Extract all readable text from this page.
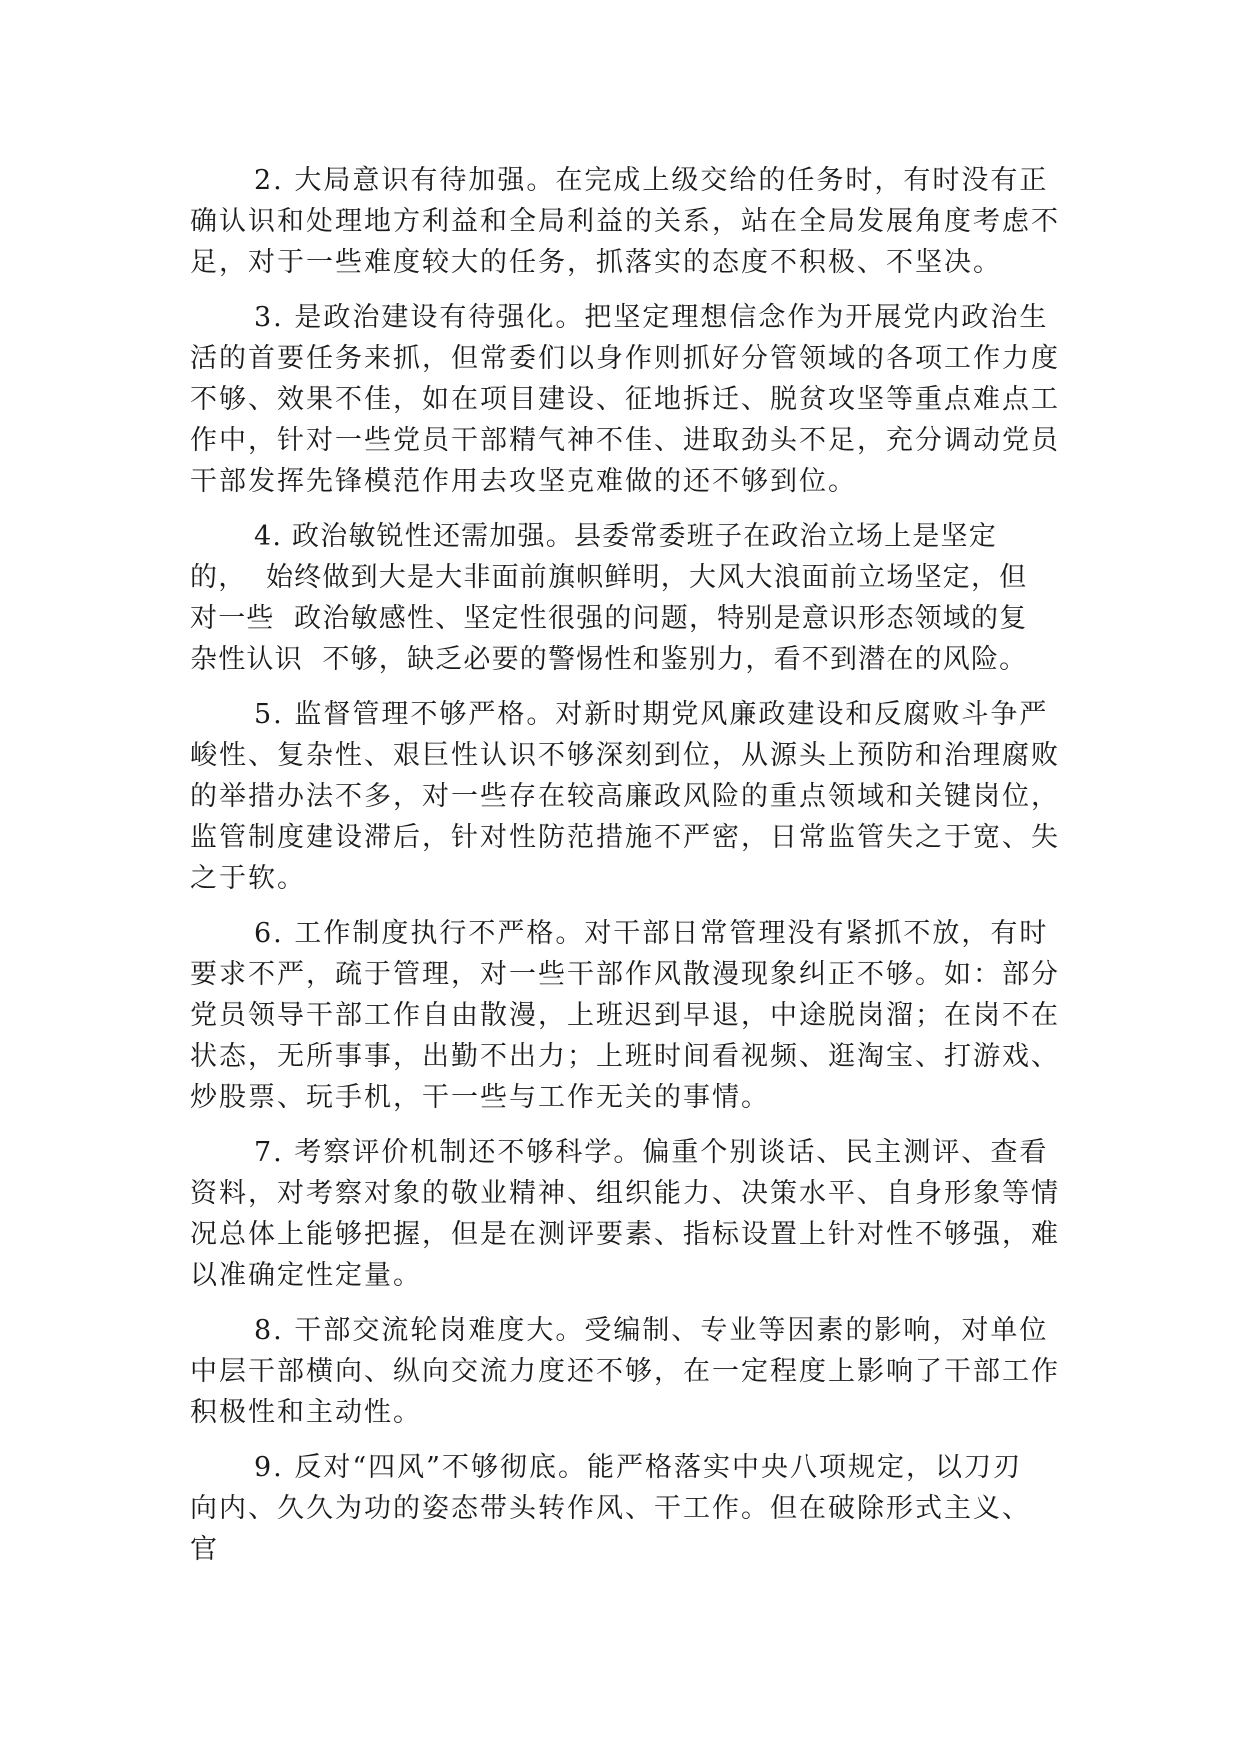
2. 大局意识有待加强。在完成上级交给的任务时，有时没有正
确认识和处理地方利益和全局利益的关系，站在全局发展角度考虑不
足，对于一些难度较大的任务，抓落实的态度不积极、不坚决。
3. 是政治建设有待强化。把坚定理想信念作为开展党内政治生
活的首要任务来抓，但常委们以身作则抓好分管领域的各项工作力度
不够、效果不佳，如在项目建设、征地拆迁、脱贫攻坚等重点难点工
作中，针对一些党员干部精气神不佳、进取劲头不足，充分调动党员
干部发挥先锋模范作用去攻坚克难做的还不够到位。
4. 政治敏锐性还需加强。县委常委班子在政治立场上是坚定
的，  始终做到大是大非面前旗帜鲜明，大风大浪面前立场坚定，但
对一些  政治敏感性、坚定性很强的问题，特别是意识形态领域的复
杂性认识  不够，缺乏必要的警惕性和鉴别力，看不到潜在的风险。
5. 监督管理不够严格。对新时期党风廉政建设和反腐败斗争严
峻性、复杂性、艰巨性认识不够深刻到位，从源头上预防和治理腐败
的举措办法不多，对一些存在较高廉政风险的重点领域和关键岗位，
监管制度建设滞后，针对性防范措施不严密，日常监管失之于宽、失
之于软。
6. 工作制度执行不严格。对干部日常管理没有紧抓不放，有时
要求不严，疏于管理，对一些干部作风散漫现象纠正不够。如：部分
党员领导干部工作自由散漫，上班迟到早退，中途脱岗溜；在岗不在
状态，无所事事，出勤不出力；上班时间看视频、逛淘宝、打游戏、
炒股票、玩手机，干一些与工作无关的事情。
7. 考察评价机制还不够科学。偏重个别谈话、民主测评、查看
资料，对考察对象的敬业精神、组织能力、决策水平、自身形象等情
况总体上能够把握，但是在测评要素、指标设置上针对性不够强，难
以准确定性定量。
8. 干部交流轮岗难度大。受编制、专业等因素的影响，对单位
中层干部横向、纵向交流力度还不够，在一定程度上影响了干部工作
积极性和主动性。
9. 反对“四风”不够彻底。能严格落实中央八项规定，以刀刃
向内、久久为功的姿态带头转作风、干工作。但在破除形式主义、
官
